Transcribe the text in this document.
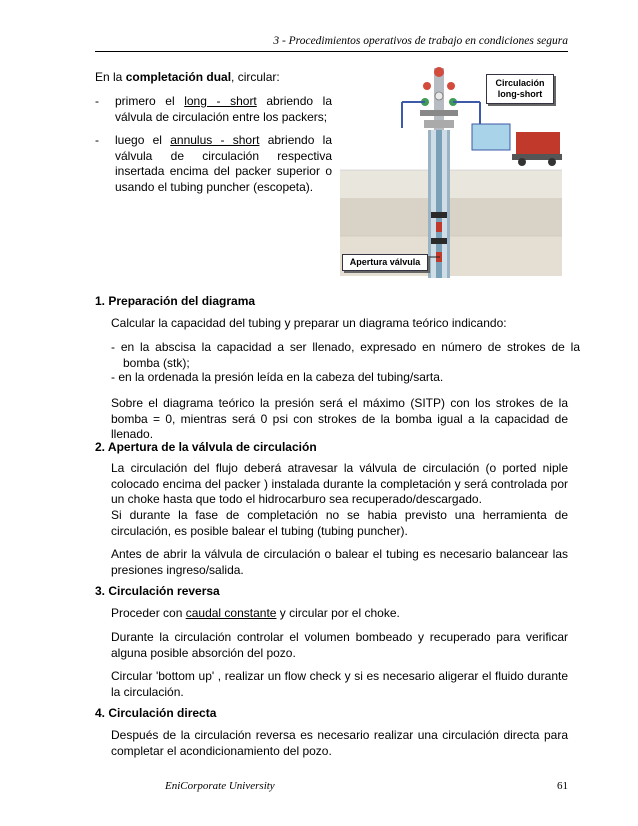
3 - Procedimientos operativos de trabajo en condiciones segura
En la completación dual, circular:
- primero el long - short abriendo la válvula de circulación entre los packers;
- luego el annulus - short abriendo la válvula de circulación respectiva insertada encima del packer superior o usando el tubing puncher (escopeta).
Circulación long-short
Apertura válvula
1. Preparación del diagrama
Calcular la capacidad del tubing y preparar un diagrama teórico indicando:
- en la abscisa la capacidad a ser llenado, expresado en número de strokes de la bomba (stk);
- en la ordenada la presión leída en la cabeza del tubing/sarta.
Sobre el diagrama teórico la presión será el máximo (SITP) con los strokes de la bomba = 0, mientras será 0 psi con strokes de la bomba igual a la capacidad de llenado.
2. Apertura de la válvula de circulación
La circulación del flujo deberá atravesar la válvula de circulación (o ported niple colocado encima del packer ) instalada durante la completación y será controlada por un choke hasta que todo el hidrocarburo sea recuperado/descargado.
Si durante la fase de completación no se habia previsto una herramienta de circulación, es posible balear el tubing (tubing puncher).
Antes de abrir la válvula de circulación o balear el tubing es necesario balancear las presiones ingreso/salida.
3. Circulación reversa
Proceder con caudal constante y circular por el choke.
Durante la circulación controlar el volumen bombeado y recuperado para verificar alguna posible absorción del pozo.
Circular 'bottom up' , realizar un flow check y si es necesario aligerar el fluido durante la circulación.
4. Circulación directa
Después de la circulación reversa es necesario realizar una circulación directa para completar el acondicionamiento del pozo.
EniCorporate University	61
